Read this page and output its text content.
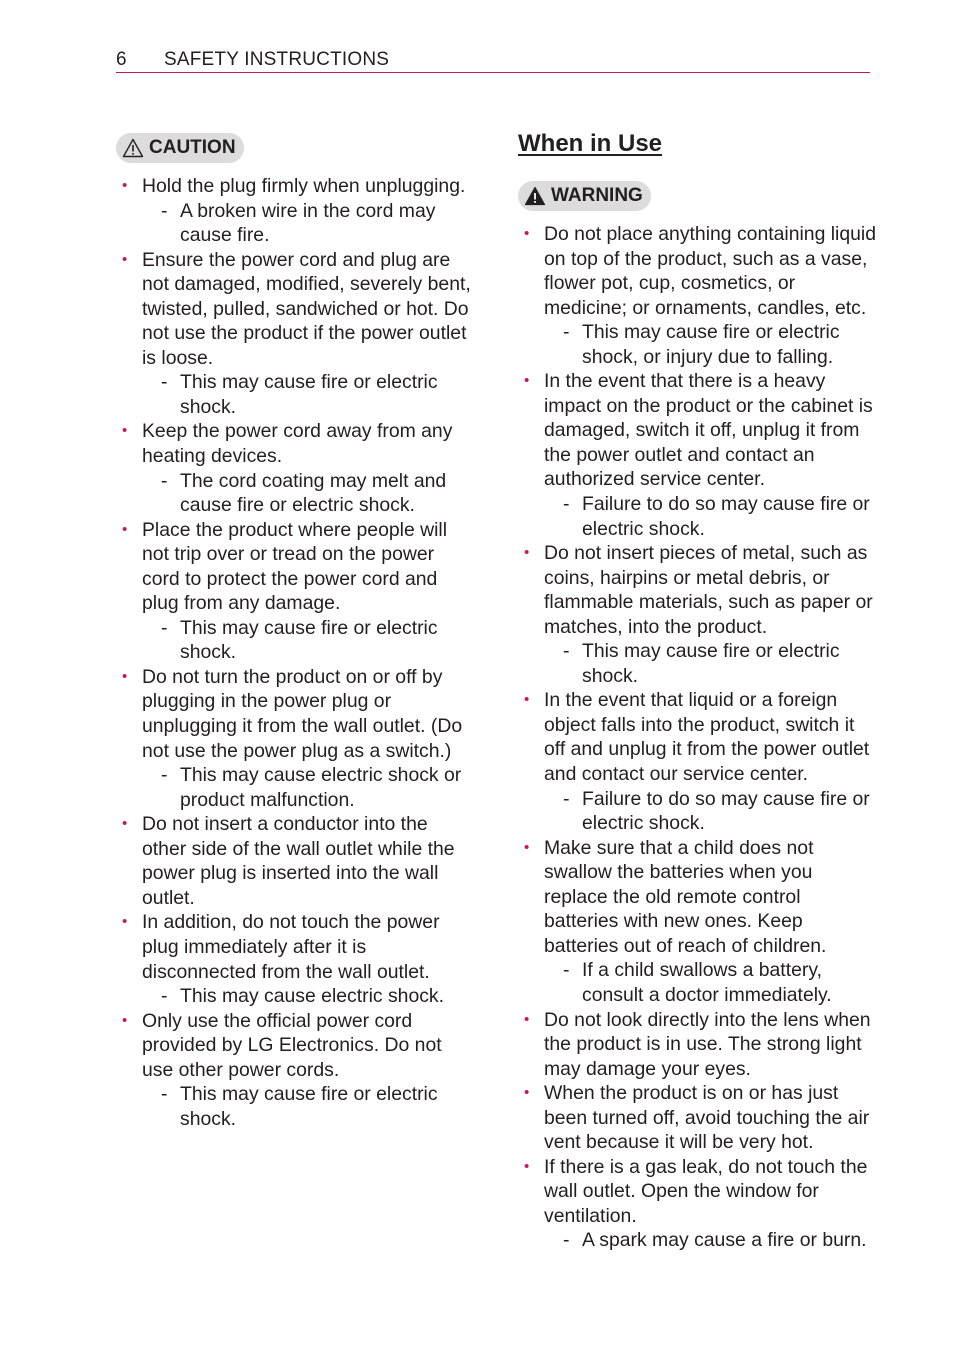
6 SAFETY INSTRUCTIONS
CAUTION
• Hold the plug firmly when unplugging.
- A broken wire in the cord may cause fire.
• Ensure the power cord and plug are not damaged, modified, severely bent, twisted, pulled, sandwiched or hot. Do not use the product if the power outlet is loose.
- This may cause fire or electric shock.
• Keep the power cord away from any heating devices.
- The cord coating may melt and cause fire or electric shock.
• Place the product where people will not trip over or tread on the power cord to protect the power cord and plug from any damage.
- This may cause fire or electric shock.
• Do not turn the product on or off by plugging in the power plug or unplugging it from the wall outlet. (Do not use the power plug as a switch.)
- This may cause electric shock or product malfunction.
• Do not insert a conductor into the other side of the wall outlet while the power plug is inserted into the wall outlet.
• In addition, do not touch the power plug immediately after it is disconnected from the wall outlet.
- This may cause electric shock.
• Only use the official power cord provided by LG Electronics. Do not use other power cords.
- This may cause fire or electric shock.
When in Use
WARNING
• Do not place anything containing liquid on top of the product, such as a vase, flower pot, cup, cosmetics, or medicine; or ornaments, candles, etc.
- This may cause fire or electric shock, or injury due to falling.
• In the event that there is a heavy impact on the product or the cabinet is damaged, switch it off, unplug it from the power outlet and contact an authorized service center.
- Failure to do so may cause fire or electric shock.
• Do not insert pieces of metal, such as coins, hairpins or metal debris, or flammable materials, such as paper or matches, into the product.
- This may cause fire or electric shock.
• In the event that liquid or a foreign object falls into the product, switch it off and unplug it from the power outlet and contact our service center.
- Failure to do so may cause fire or electric shock.
• Make sure that a child does not swallow the batteries when you replace the old remote control batteries with new ones. Keep batteries out of reach of children.
- If a child swallows a battery, consult a doctor immediately.
• Do not look directly into the lens when the product is in use. The strong light may damage your eyes.
• When the product is on or has just been turned off, avoid touching the air vent because it will be very hot.
• If there is a gas leak, do not touch the wall outlet. Open the window for ventilation.
- A spark may cause a fire or burn.
